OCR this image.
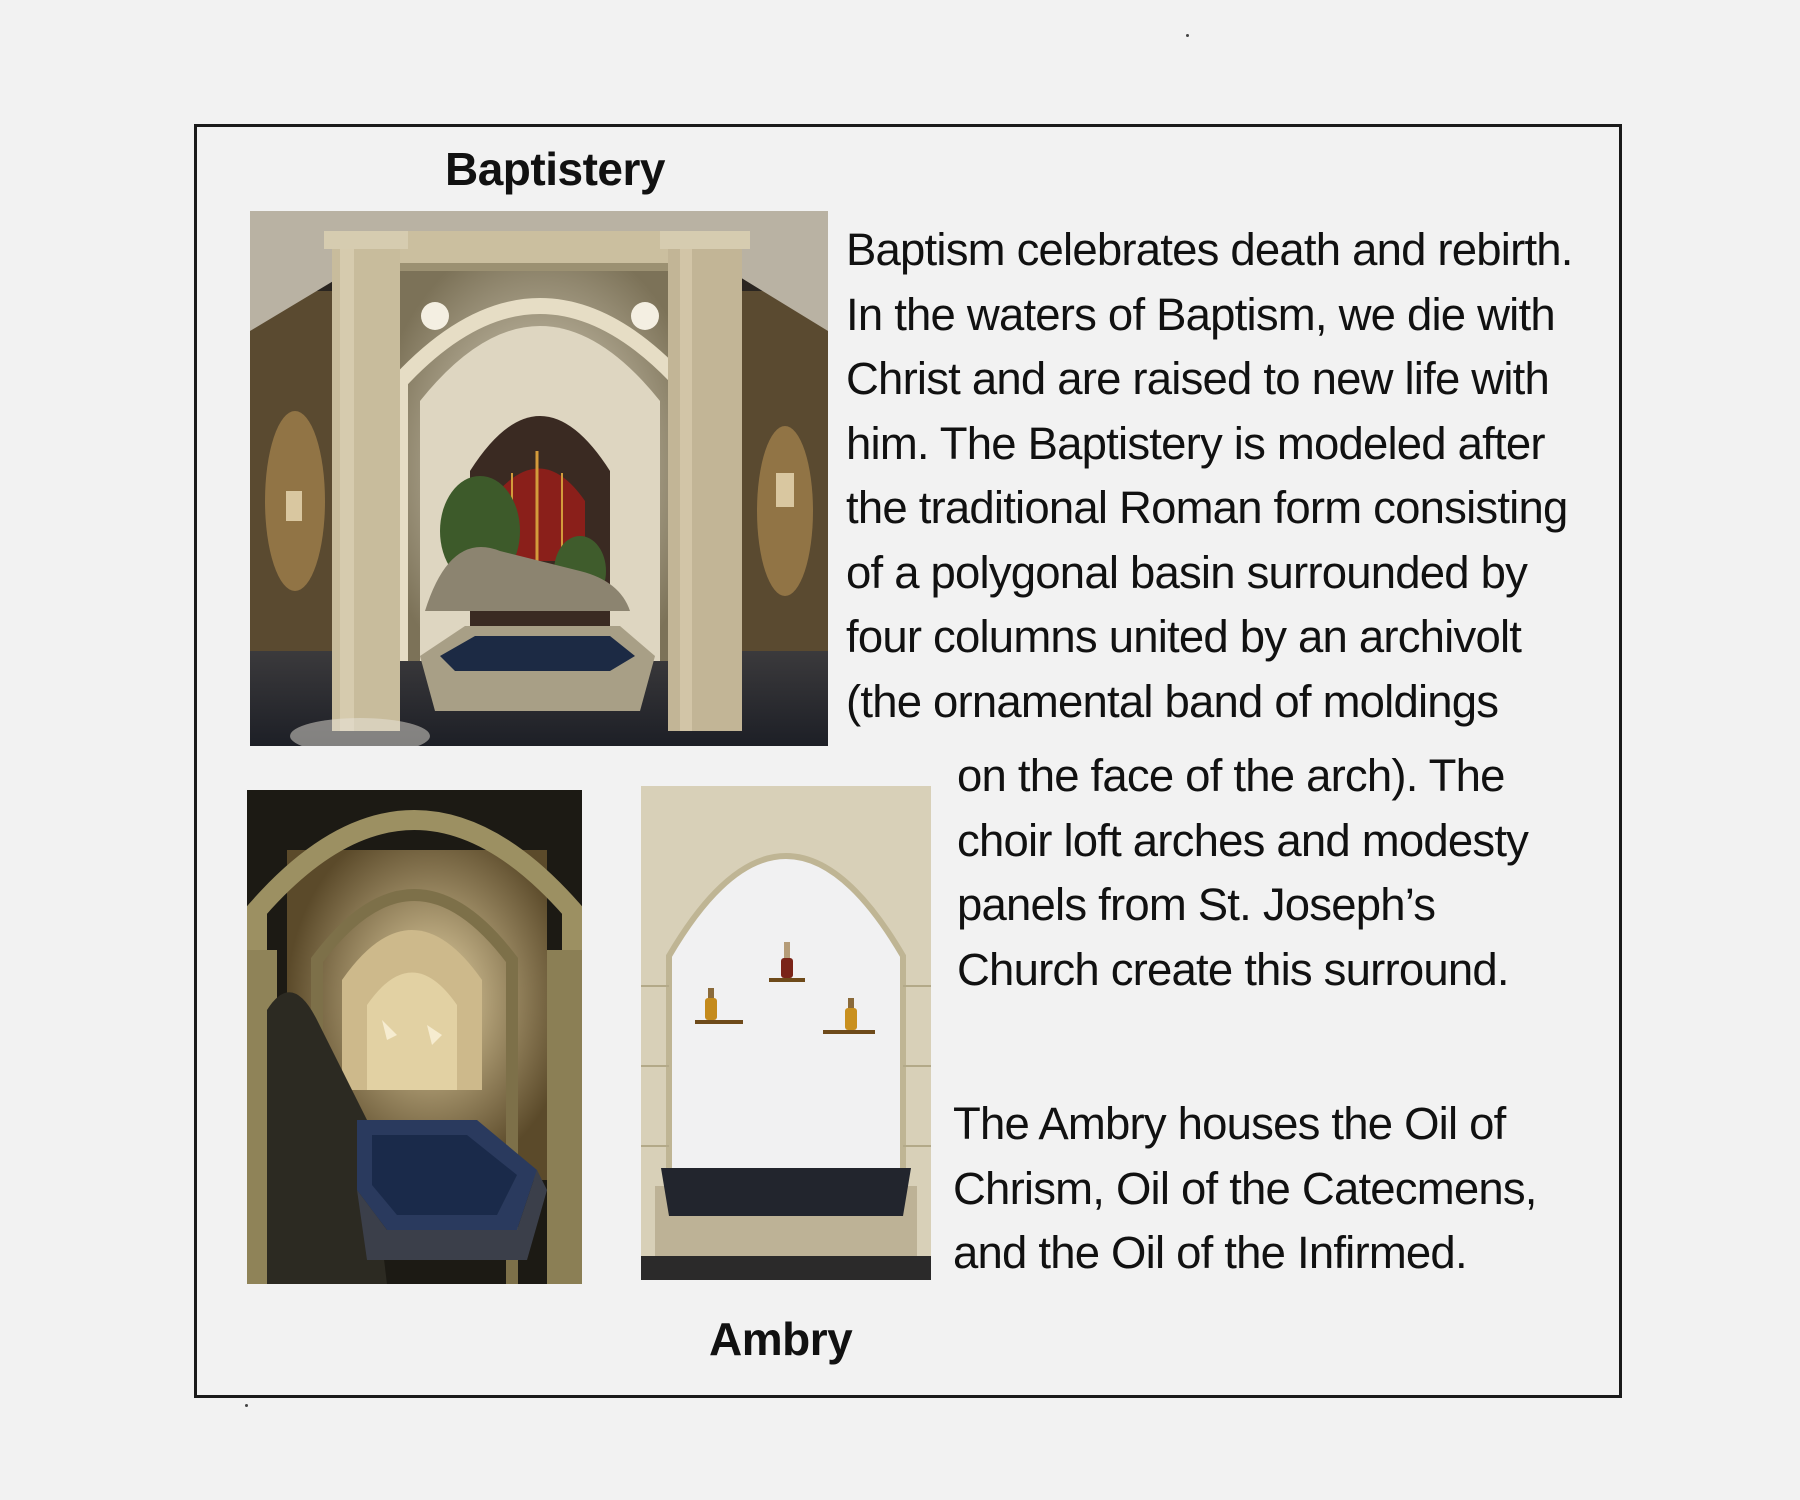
Baptistery

Baptism celebrates death and rebirth.
In the waters of Baptism, we die with
Christ and are raised to new life with
him. The Baptistery is modeled after
the traditional Roman form consisting
of a polygonal basin surrounded by
four columns united by an archivolt
(the ornamental band of moldings

on the face of the arch). The
choir loft arches and modesty
panels from St. Joseph’s
Church create this surround.

The Ambry houses the Oil of
Chrism, Oil of the Catecmens,
and the Oil of the Infirmed.

Ambry
